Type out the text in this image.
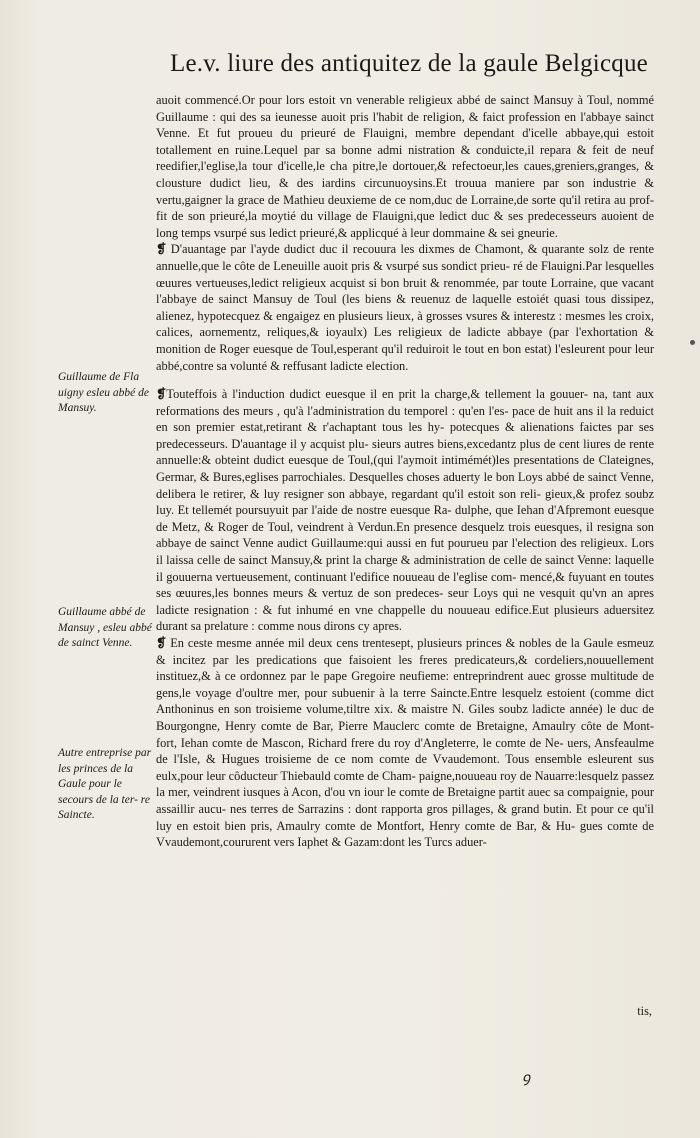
Le.v. liure des antiquitez de la gaule Belgicque

auoit commencé.Or pour lors estoit vn venerable religieux abbé de sainct Mansuy à Toul, nommé Guillaume : qui des sa ieunesse auoit pris l'habit de religion, & faict profession en l'abbaye sainct Venne. Et fut proueu du prieuré de Flauigni, membre dependant d'icelle abbaye,qui estoit totallement en ruine.Lequel par sa bonne admi nistration & conduicte,il repara & feit de neuf reedifier,l'eglise,la tour d'icelle,le cha pitre,le dortouer,& refectoeur,les caues,greniers,granges, & clousture dudict lieu, & des iardins circunuoysins.Et trouua maniere par son industrie & vertu,gaigner la grace de Mathieu deuxieme de ce nom,duc de Lorraine,de sorte qu'il retira au prof- fit de son prieuré,la moytié du village de Flauigni,que ledict duc & ses predecesseurs auoient de long temps vsurpé sus ledict prieuré,& applicqué à leur dommaine & sei gneurie.

❡ D'auantage par l'ayde dudict duc il recouura les dixmes de Chamont, & quarante solz de rente annuelle,que le côte de Leneuille auoit pris & vsurpé sus sondict prieu- ré de Flauigni.Par lesquelles œuures vertueuses,ledict religieux acquist si bon bruit & renommée, par toute Lorraine, que vacant l'abbaye de sainct Mansuy de Toul (les biens & reuenuz de laquelle estoiét quasi tous dissipez, alienez, hypotecquez & engaigez en plusieurs lieux, à grosses vsures & interestz : mesmes les croix, calices, aornementz, reliques,& ioyaulx) Les religieux de ladicte abbaye (par l'exhortation & monition de Roger euesque de Toul,esperant qu'il reduiroit le tout en bon estat) l'esleurent pour leur abbé,contre sa volunté & reffusant ladicte election.

❡Touteffois à l'induction dudict euesque il en prit la charge,& tellement la gouuer- na, tant aux reformations des meurs , qu'à l'administration du temporel : qu'en l'es- pace de huit ans il la reduict en son premier estat,retirant & r'achaptant tous les hy- potecques & alienations faictes par ses predecesseurs. D'auantage il y acquist plu- sieurs autres biens,excedantz plus de cent liures de rente annuelle:& obteint dudict euesque de Toul,(qui l'aymoit intimémét)les presentations de Clateignes, Germar, & Bures,eglises parrochiales. Desquelles choses aduerty le bon Loys abbé de sainct Venne, delibera le retirer, & luy resigner son abbaye, regardant qu'il estoit son reli- gieux,& profez soubz luy. Et tellemét poursuyuit par l'aide de nostre euesque Ra- dulphe, que Iehan d'Afpremont euesque de Metz, & Roger de Toul, veindrent à Verdun.En presence desquelz trois euesques, il resigna son abbaye de sainct Venne audict Guillaume:qui aussi en fut pourueu par l'election des religieux. Lors il laissa celle de sainct Mansuy,& print la charge & administration de celle de sainct Venne: laquelle il gouuerna vertueusement, continuant l'edifice nouueau de l'eglise com- mencé,& fuyuant en toutes ses œuures,les bonnes meurs & vertuz de son predeces- seur Loys qui ne vesquit qu'vn an apres ladicte resignation : & fut inhumé en vne chappelle du nouueau edifice.Eut plusieurs aduersitez durant sa prelature : comme nous dirons cy apres.

❡ En ceste mesme année mil deux cens trentesept, plusieurs princes & nobles de la Gaule esmeuz & incitez par les predications que faisoient les freres predicateurs,& cordeliers,nouuellement instituez,& à ce ordonnez par le pape Gregoire neufieme: entreprindrent auec grosse multitude de gens,le voyage d'oultre mer, pour subuenir à la terre Saincte.Entre lesquelz estoient (comme dict Anthoninus en son troisieme volume,tiltre xix. & maistre N. Giles soubz ladicte année) le duc de Bourgongne, Henry comte de Bar, Pierre Mauclerc comte de Bretaigne, Amaulry côte de Mont- fort, Iehan comte de Mascon, Richard frere du roy d'Angleterre, le comte de Ne- uers, Ansfeaulme de l'Isle, & Hugues troisieme de ce nom comte de Vvaudemont. Tous ensemble esleurent sus eulx,pour leur côducteur Thiebauld comte de Cham- paigne,nouueau roy de Nauarre:lesquelz passez la mer, veindrent iusques à Acon, d'ou vn iour le comte de Bretaigne partit auec sa compaignie, pour assaillir aucu- nes terres de Sarrazins : dont rapporta gros pillages, & grand butin. Et pour ce qu'il luy en estoit bien pris, Amaulry comte de Montfort, Henry comte de Bar, & Hu- gues comte de Vvaudemont,coururent vers Iaphet & Gazam:dont les Turcs aduer-

tis,
Guillaume de Fla uigny esleu abbé de Mansuy.
Guillaume abbé de Mansuy , esleu abbé de sainct Venne.
Autre entreprise par les princes de la Gaule pour le secours de la ter- re Saincte.
ꝯ
